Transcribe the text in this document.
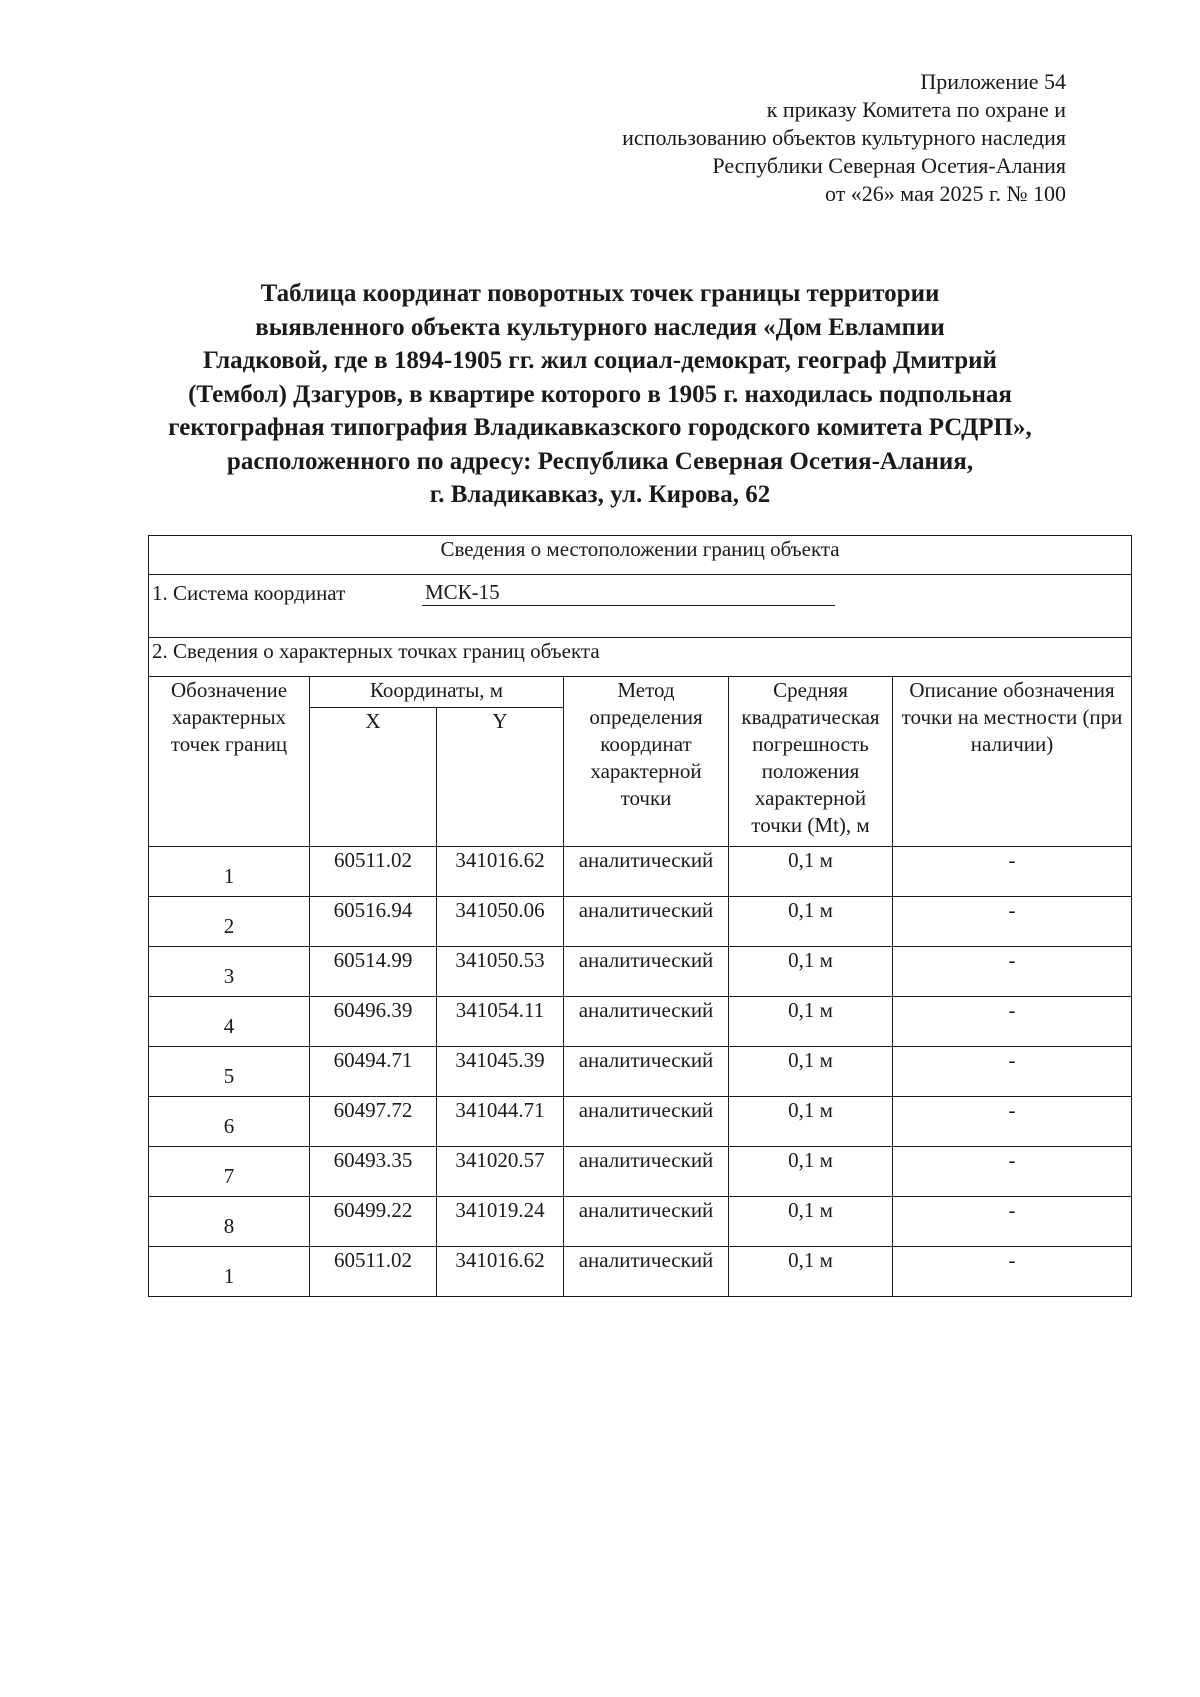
Приложение 54
к приказу Комитета по охране и
использованию объектов культурного наследия
Республики Северная Осетия-Алания
от «26» мая 2025 г. № 100
Таблица координат поворотных точек границы территории
выявленного объекта культурного наследия «Дом Евлампии
Гладковой, где в 1894-1905 гг. жил социал-демократ, географ Дмитрий
(Тембол) Дзагуров, в квартире которого в 1905 г. находилась подпольная
гектографная типография Владикавказского городского комитета РСДРП»,
расположенного по адресу: Республика Северная Осетия-Алания,
г. Владикавказ, ул. Кирова, 62
Сведения о местоположении границ объекта					

1. Система координат МСК-15					

2. Сведения о характерных точках границ объекта					
Обозначение характерных точек границ	Координаты, м		Метод определения координат характерной точки	Средняя квадратическая погрешность положения характерной точки (Mt), м	Описание обозначения точки на местности (при наличии)
	X	Y			
1	60511.02	341016.62	аналитический	0,1 м	-
2	60516.94	341050.06	аналитический	0,1 м	-
3	60514.99	341050.53	аналитический	0,1 м	-
4	60496.39	341054.11	аналитический	0,1 м	-
5	60494.71	341045.39	аналитический	0,1 м	-
6	60497.72	341044.71	аналитический	0,1 м	-
7	60493.35	341020.57	аналитический	0,1 м	-
8	60499.22	341019.24	аналитический	0,1 м	-
1	60511.02	341016.62	аналитический	0,1 м	-
